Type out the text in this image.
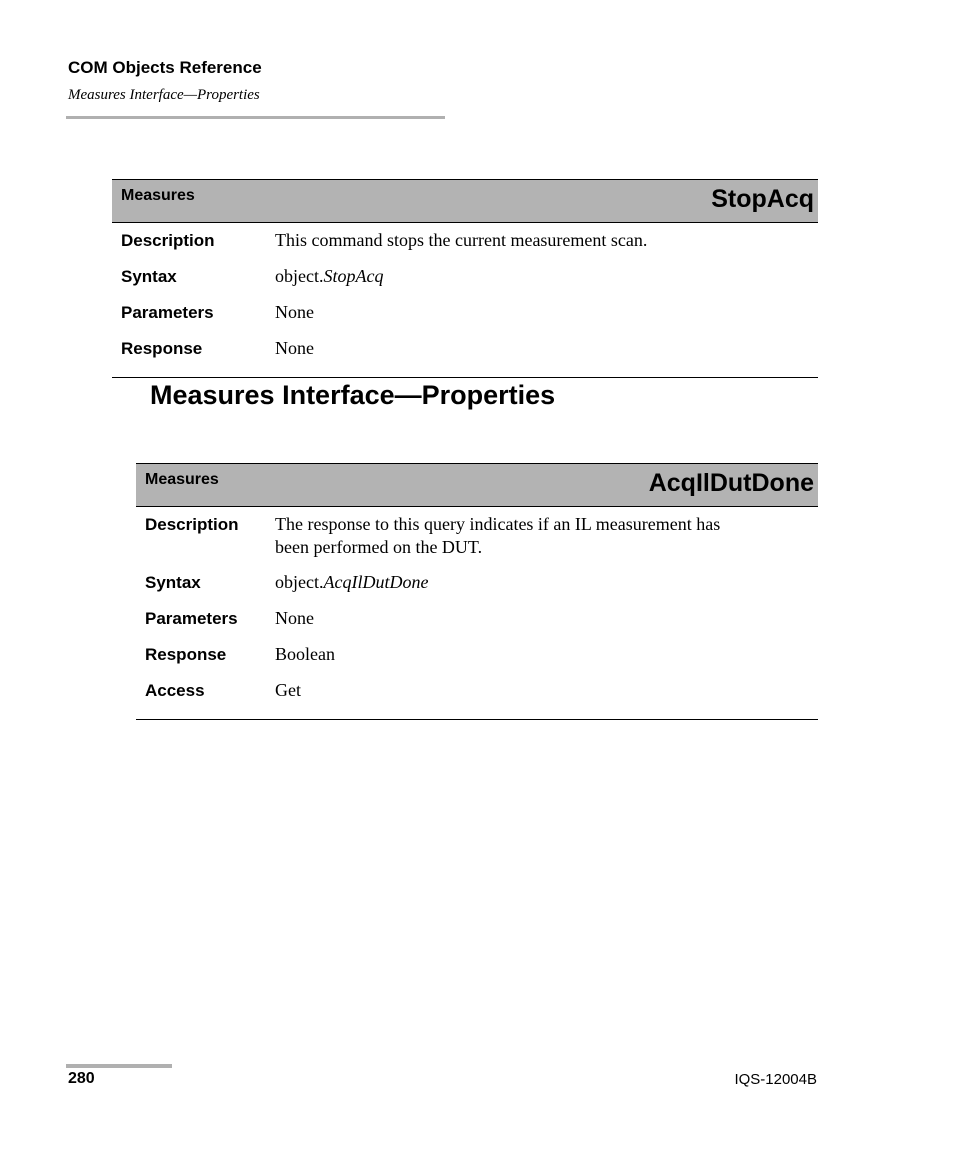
COM Objects Reference
Measures Interface—Properties
Measures	StopAcq
Description	This command stops the current measurement scan.
Syntax	object.StopAcq
Parameters	None
Response	None
Measures Interface—Properties
Measures	AcqIlDutDone
Description	The response to this query indicates if an IL measurement has
been performed on the DUT.
Syntax	object.AcqIlDutDone
Parameters	None
Response	Boolean
Access	Get
280	IQS-12004B
